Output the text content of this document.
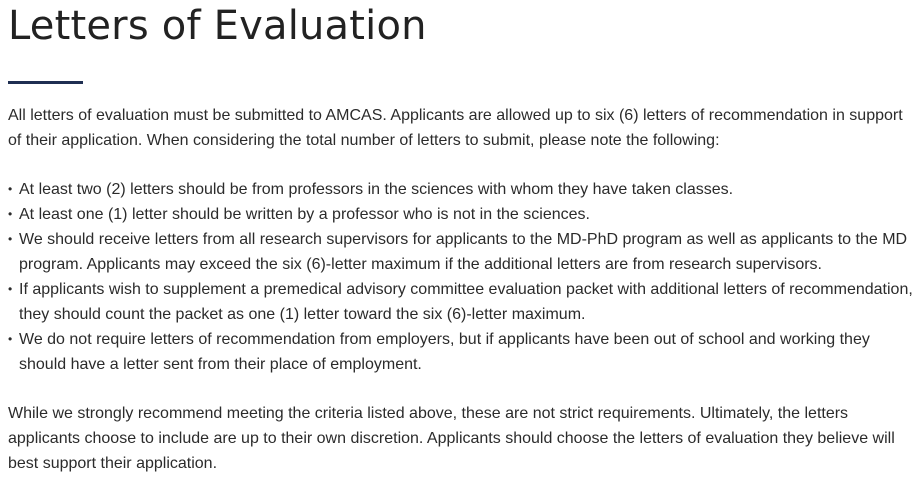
Letters of Evaluation

All letters of evaluation must be submitted to AMCAS. Applicants are allowed up to six (6) letters of recommendation in support of their application. When considering the total number of letters to submit, please note the following:

• At least two (2) letters should be from professors in the sciences with whom they have taken classes.
• At least one (1) letter should be written by a professor who is not in the sciences.
• We should receive letters from all research supervisors for applicants to the MD-PhD program as well as applicants to the MD program. Applicants may exceed the six (6)-letter maximum if the additional letters are from research supervisors.
• If applicants wish to supplement a premedical advisory committee evaluation packet with additional letters of recommendation, they should count the packet as one (1) letter toward the six (6)-letter maximum.
• We do not require letters of recommendation from employers, but if applicants have been out of school and working they should have a letter sent from their place of employment.

While we strongly recommend meeting the criteria listed above, these are not strict requirements. Ultimately, the letters applicants choose to include are up to their own discretion. Applicants should choose the letters of evaluation they believe will best support their application.
